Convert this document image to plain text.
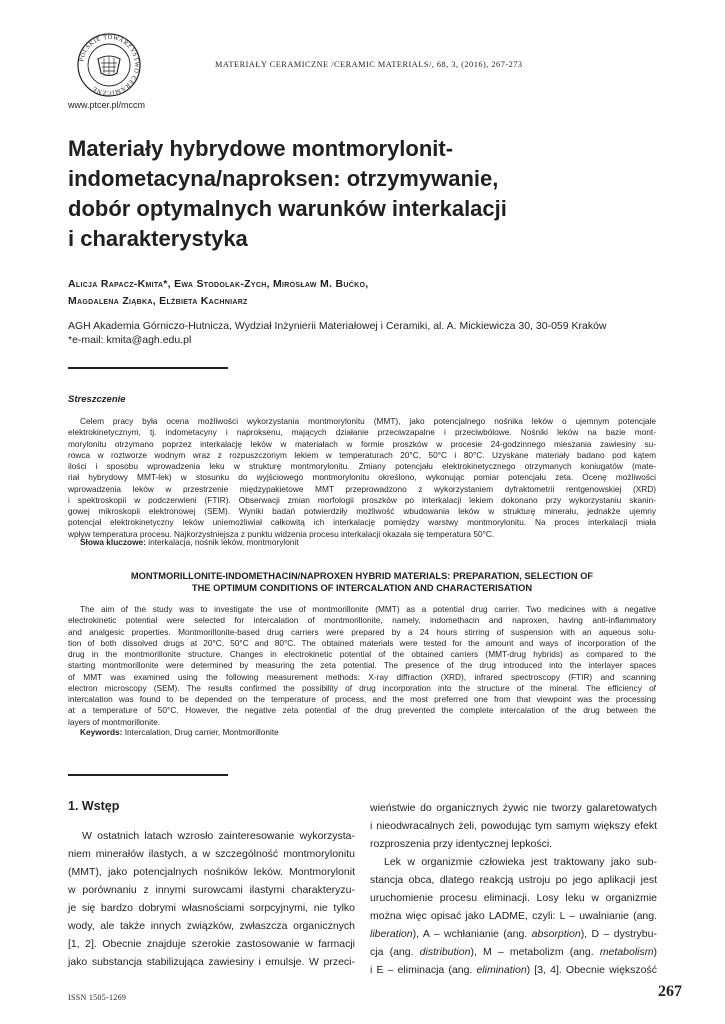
POLSKIE TOWARZYSTWO CERAMICZNE
www.ptcer.pl/mccm
MATERIAŁY CERAMICZNE /CERAMIC MATERIALS/, 68, 3, (2016), 267-273
Materiały hybrydowe montmorylonit-
indometacyna/naproksen: otrzymywanie,
dobór optymalnych warunków interkalacji
i charakterystyka
Alicja Rapacz-Kmita*, Ewa Stodolak-Zych, Mirosław M. Bućko,
Magdalena Ziąbka, Elżbieta Kachniarz
AGH Akademia Górniczo-Hutnicza, Wydział Inżynierii Materiałowej i Ceramiki, al. A. Mickiewicza 30, 30-059 Kraków
*e-mail: kmita@agh.edu.pl
Streszczenie
Celem pracy była ocena możliwości wykorzystania montmorylonitu (MMT), jako potencjalnego nośnika leków o ujemnym potencjale
elektrokinetycznym, tj. indometacyny i naproksenu, mających działanie przeciwzapalne i przeciwbólowe. Nośniki leków na bazie mont-
morylonitu otrzymano poprzez interkalację leków w materiałach w formie proszków w procesie 24-godzinnego mieszania zawiesiny su-
rowca w roztworze wodnym wraz z rozpuszczonym lekiem w temperaturach 20°C, 50°C i 80°C. Uzyskane materiały badano pod kątem
ilości i sposobu wprowadzenia leku w strukturę montmorylonitu. Zmiany potencjału elektrokinetycznego otrzymanych koniugatów (mate-
riał hybrydowy MMT-lek) w stosunku do wyjściowego montmorylonitu określono, wykonując pomiar potencjału zeta. Ocenę możliwości
wprowadzenia leków w przestrzenie międzypakietowe MMT przeprowadzono z wykorzystaniem dyfraktometrii rentgenowskiej (XRD)
i spektroskopii w podczerwieni (FTIR). Obserwacji zmian morfologii proszków po interkalacji lekiem dokonano przy wykorzystaniu skanin-
gowej mikroskopii elektronowej (SEM). Wyniki badań potwierdziły możliwość wbudowania leków w strukturę minerału, jednakże ujemny
potencjał elektrokinetyczny leków uniemożliwiał całkowitą ich interkalację pomiędzy warstwy montmorylonitu. Na proces interkalacji miała
wpływ temperatura procesu. Najkorzystniejsza z punktu widzenia procesu interkalacji okazała się temperatura 50°C.
Słowa kluczowe: interkalacja, nośnik leków, montmorylonit
MONTMORILLONITE-INDOMETHACIN/NAPROXEN HYBRID MATERIALS: PREPARATION, SELECTION OF
THE OPTIMUM CONDITIONS OF INTERCALATION AND CHARACTERISATION
The aim of the study was to investigate the use of montmorillonite (MMT) as a potential drug carrier. Two medicines with a negative
electrokinetic potential were selected for intercalation of montmorillonite, namely, indomethacin and naproxen, having anti-inflammatory
and analgesic properties. Montmorillonite-based drug carriers were prepared by a 24 hours stirring of suspension with an aqueous solu-
tion of both dissolved drugs at 20°C, 50°C and 80°C. The obtained materials were tested for the amount and ways of incorporation of the
drug in the montmorillonite structure. Changes in electrokinetic potential of the obtained carriers (MMT-drug hybrids) as compared to the
starting montmorillonite were determined by measuring the zeta potential. The presence of the drug introduced into the interlayer spaces
of MMT was examined using the following measurement methods: X-ray diffraction (XRD), infrared spectroscopy (FTIR) and scanning
electron microscopy (SEM). The results confirmed the possibility of drug incorporation into the structure of the mineral. The efficiency of
intercalation was found to be depended on the temperature of process, and the most preferred one from that viewpoint was the processing
at a temperature of 50°C. However, the negative zeta potential of the drug prevented the complete intercalation of the drug between the
layers of montmorillonite.
Keywords: Intercalation, Drug carrier, Montmorillonite
1. Wstęp
W ostatnich latach wzrosło zainteresowanie wykorzysta-
niem minerałów ilastych, a w szczególność montmorylonitu
(MMT), jako potencjalnych nośników leków. Montmorylonit
w porównaniu z innymi surowcami ilastymi charakteryzu-
je się bardzo dobrymi własnościami sorpcyjnymi, nie tylko
wody, ale także innych związków, zwłaszcza organicznych
[1, 2]. Obecnie znajduje szerokie zastosowanie w farmacji
jako substancja stabilizująca zawiesiny i emulsje. W przeci-
wieństwie do organicznych żywic nie tworzy galaretowatych
i nieodwracalnych żeli, powodując tym samym większy efekt
rozproszenia przy identycznej lepkości.
Lek w organizmie człowieka jest traktowany jako sub-
stancja obca, dlatego reakcją ustroju po jego aplikacji jest
uruchomienie procesu eliminacji. Losy leku w organizmie
można więc opisać jako LADME, czyli: L – uwalnianie (ang.
liberation), A – wchłanianie (ang. absorption), D – dystrybu-
cja (ang. distribution), M – metabolizm (ang. metabolism)
i E – eliminacja (ang. elimination) [3, 4]. Obecnie większość
ISSN 1505-1269	267
